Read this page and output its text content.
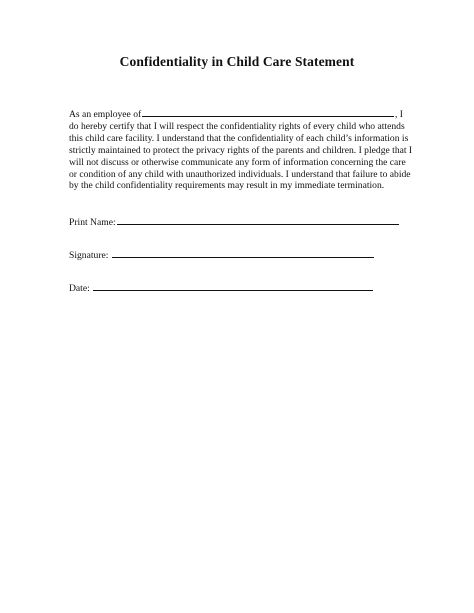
Confidentiality in Child Care Statement
As an employee of	, I
do hereby certify that I will respect the confidentiality rights of every child who attends
this child care facility. I understand that the confidentiality of each child’s information is
strictly maintained to protect the privacy rights of the parents and children. I pledge that I
will not discuss or otherwise communicate any form of information concerning the care
or condition of any child with unauthorized individuals. I understand that failure to abide
by the child confidentiality requirements may result in my immediate termination.
Print Name:
Signature:
Date:
